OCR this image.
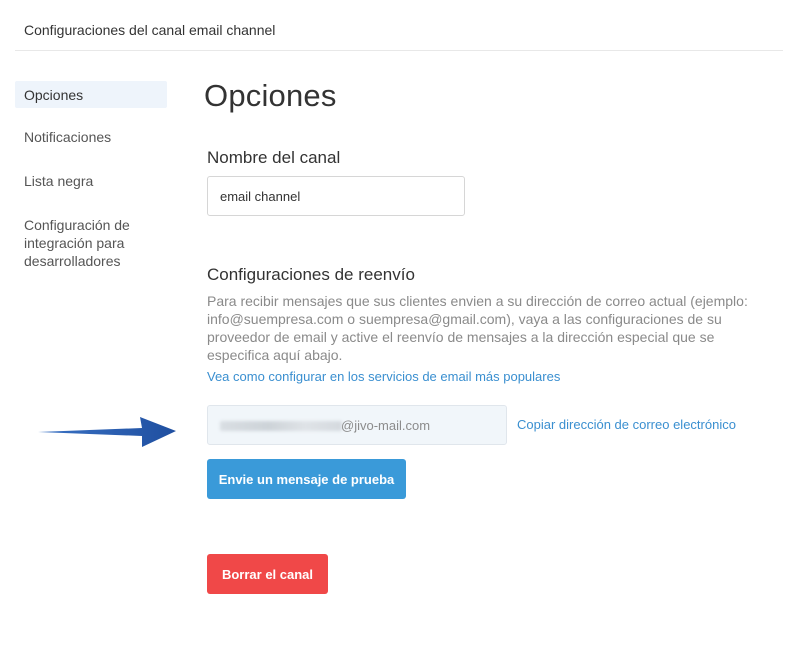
Configuraciones del canal email channel
Opciones
Notificaciones
Lista negra
Configuración de integración para desarrolladores
Opciones
Nombre del canal
email channel
Configuraciones de reenvío

Para recibir mensajes que sus clientes envien a su dirección de correo actual (ejemplo: info@suempresa.com o suempresa@gmail.com), vaya a las configuraciones de su proveedor de email y active el reenvío de mensajes a la dirección especial que se especifica aquí abajo.

Vea como configurar en los servicios de email más populares
@jivo-mail.com	Copiar dirección de correo electrónico
Envie un mensaje de prueba
Borrar el canal
